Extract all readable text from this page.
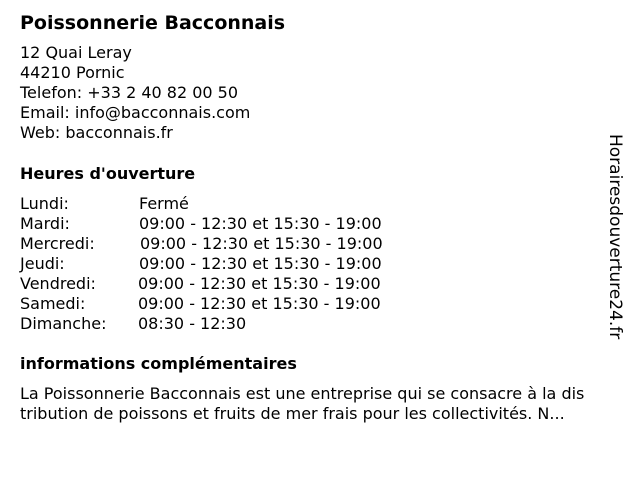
Poissonnerie Bacconnais
12 Quai Leray
44210 Pornic
Telefon: +33 2 40 82 00 50
Email: info@bacconnais.com
Web: bacconnais.fr
Heures d'ouverture
Lundi:	Fermé
Mardi:	09:00 - 12:30 et 15:30 - 19:00
Mercredi:	09:00 - 12:30 et 15:30 - 19:00
Jeudi:	09:00 - 12:30 et 15:30 - 19:00
Vendredi:	09:00 - 12:30 et 15:30 - 19:00
Samedi:	09:00 - 12:30 et 15:30 - 19:00
Dimanche: 08:30 - 12:30
informations complémentaires
La Poissonnerie Bacconnais est une entreprise qui se consacre à la dis
tribution de poissons et fruits de mer frais pour les collectivités. N...
Horairesdouverture24.fr
